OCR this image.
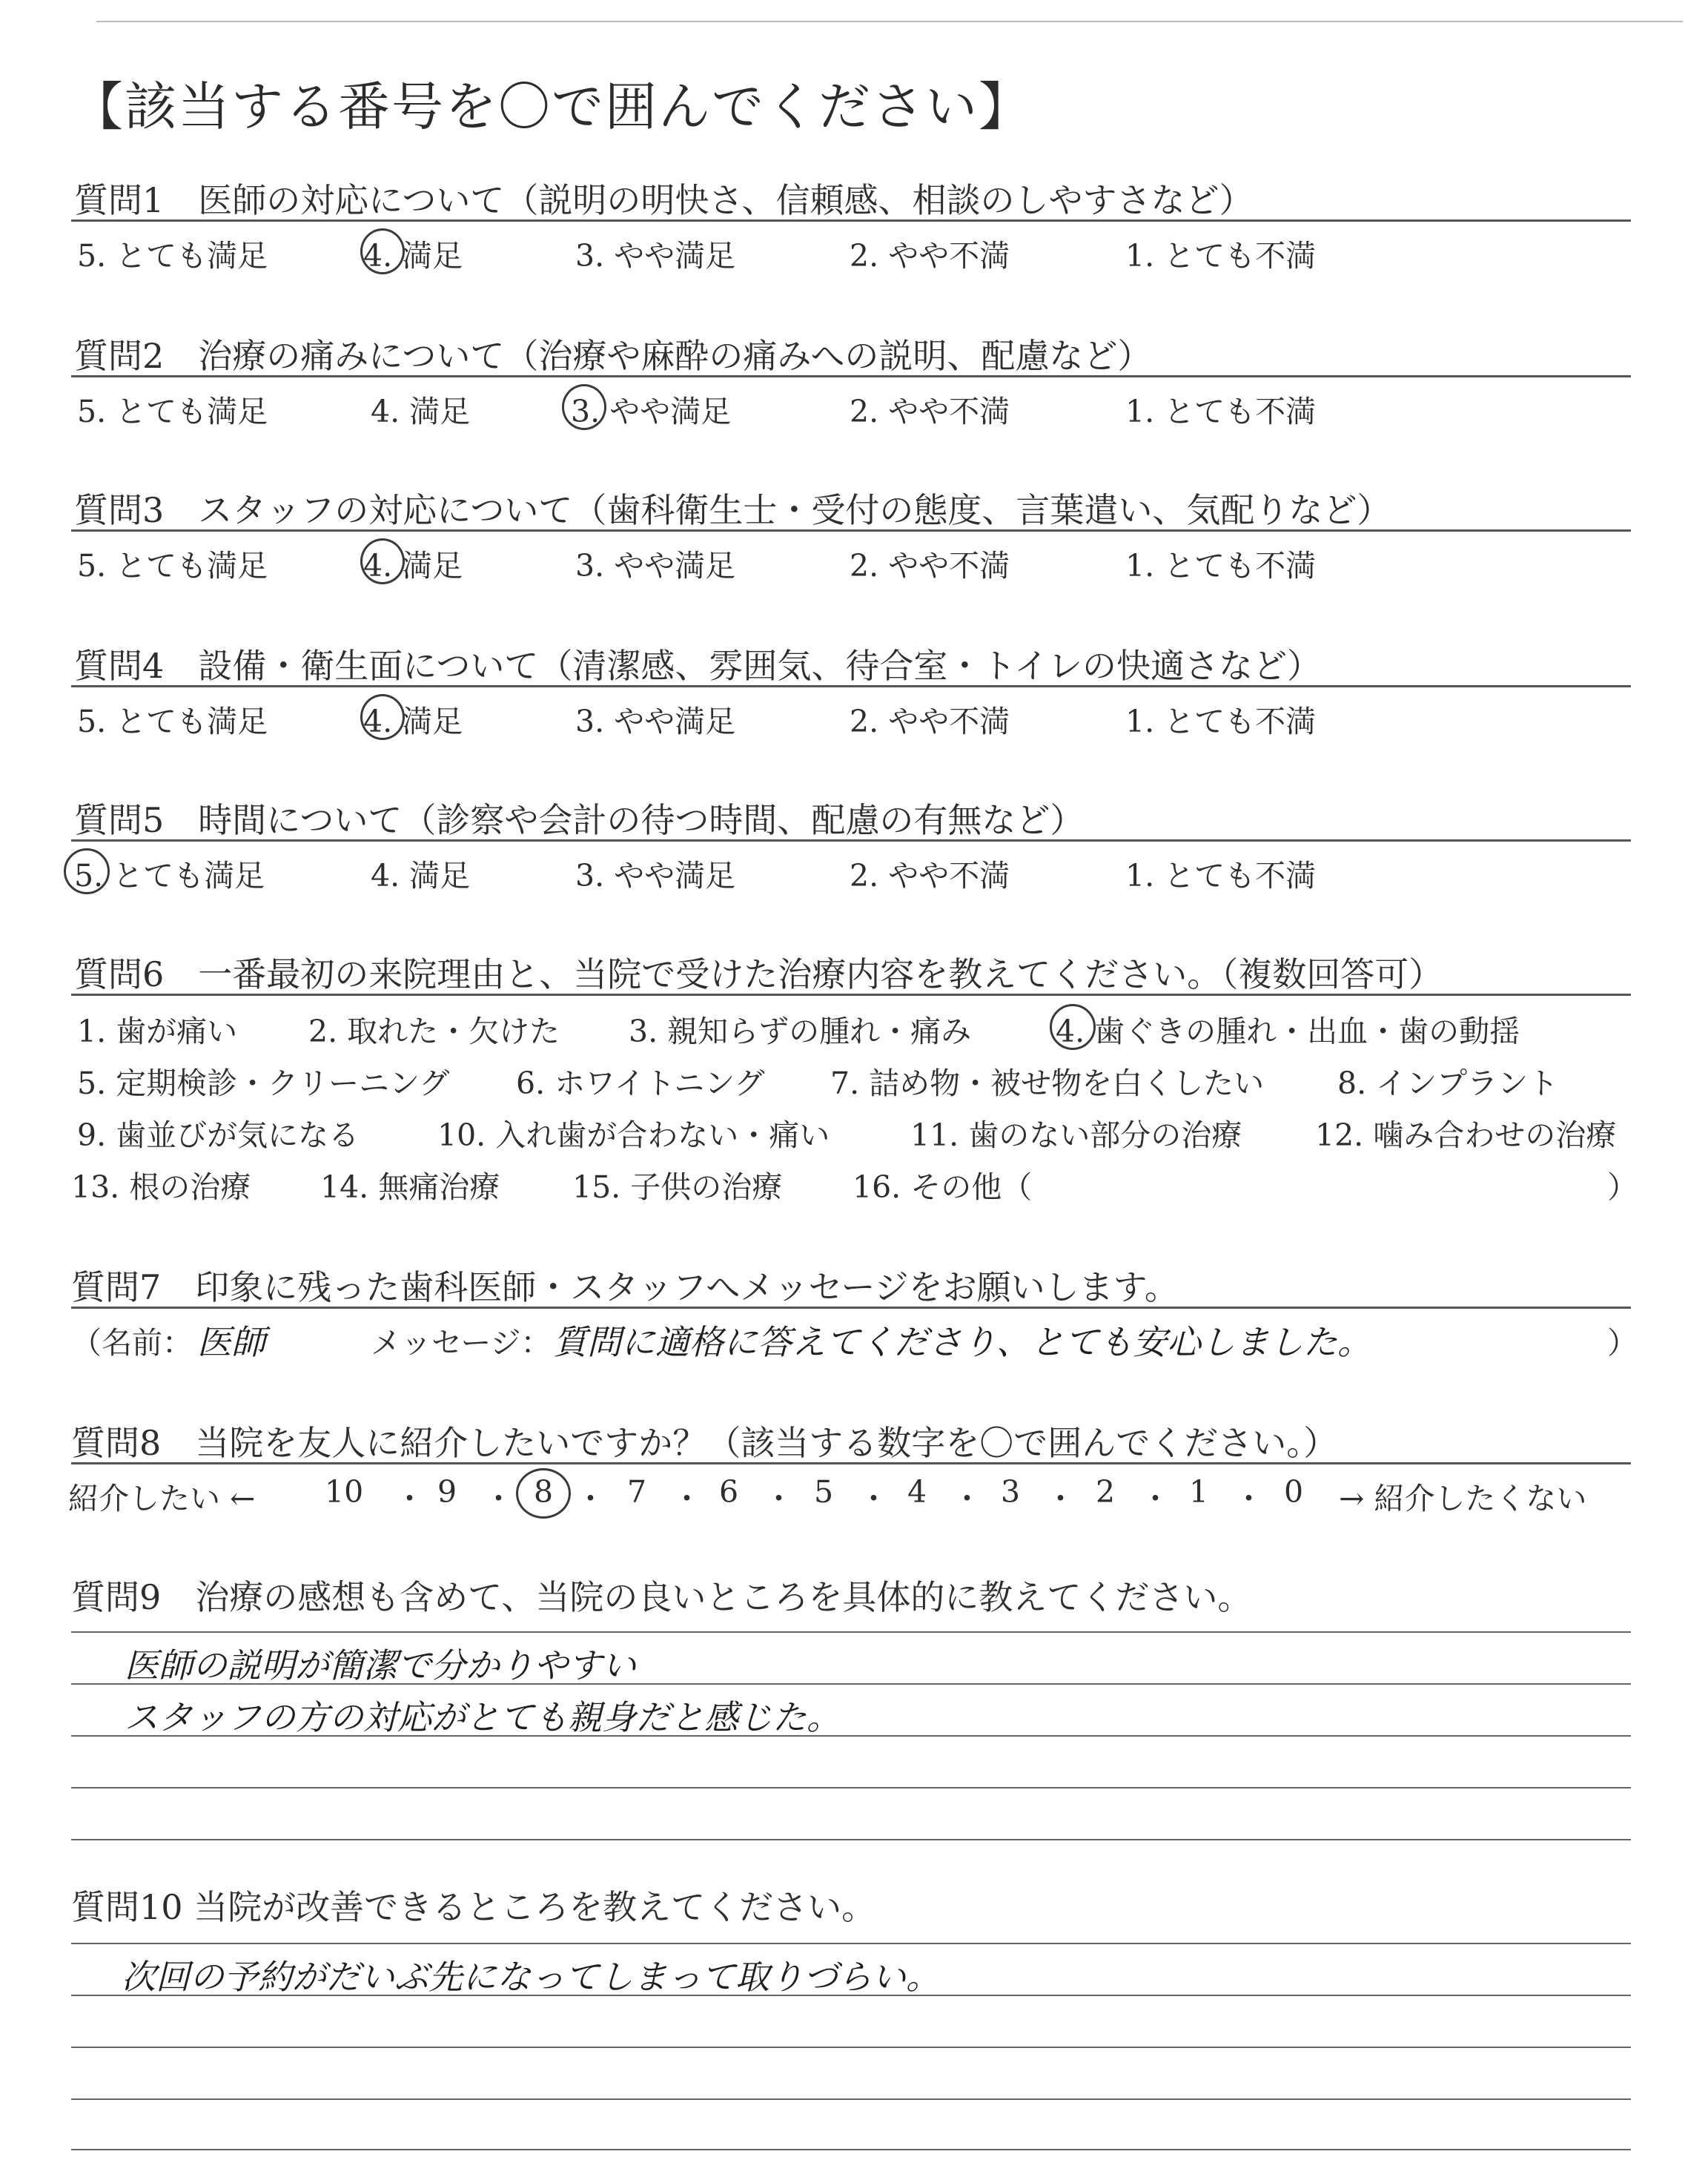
【該当する番号を〇で囲んでください】
質問1　医師の対応について（説明の明快さ、信頼感、相談のしやすさなど）
5. とても満足	4. 満足	3. やや満足	2. やや不満	1. とても不満
質問2　治療の痛みについて（治療や麻酔の痛みへの説明、配慮など）
5. とても満足	4. 満足	3. やや満足	2. やや不満	1. とても不満
質問3　スタッフの対応について（歯科衛生士・受付の態度、言葉遣い、気配りなど）
5. とても満足	4. 満足	3. やや満足	2. やや不満	1. とても不満
質問4　設備・衛生面について（清潔感、雰囲気、待合室・トイレの快適さなど）
5. とても満足	4. 満足	3. やや満足	2. やや不満	1. とても不満
質問5　時間について（診察や会計の待つ時間、配慮の有無など）
5. とても満足	4. 満足	3. やや満足	2. やや不満	1. とても不満
質問6　一番最初の来院理由と、当院で受けた治療内容を教えてください。（複数回答可）
1. 歯が痛い 2. 取れた・欠けた 3. 親知らずの腫れ・痛み	4. 歯ぐきの腫れ・出血・歯の動揺
5. 定期検診・クリーニング 6. ホワイトニング 7. 詰め物・被せ物を白くしたい 8. インプラント
9. 歯並びが気になる	10. 入れ歯が合わない・痛い	11. 歯のない部分の治療 12. 噛み合わせの治療
13. 根の治療 14. 無痛治療 15. 子供の治療 16. その他（	）
質問7　印象に残った歯科医師・スタッフへメッセージをお願いします。
（名前： 医師	メッセージ： 質問に適格に答えてくださり、とても安心しました。	）
質問8　当院を友人に紹介したいですか？（該当する数字を〇で囲んでください。）
紹介したい ←	→ 紹介したくない
10 ・ 9 ・ 8 ・ 7 ・ 6 ・ 5 ・ 4 ・ 3 ・ 2 ・ 1 ・ 0
質問9　治療の感想も含めて、当院の良いところを具体的に教えてください。
医師の説明が簡潔で分かりやすい
スタッフの方の対応がとても親身だと感じた。
質問10 当院が改善できるところを教えてください。
次回の予約がだいぶ先になってしまって取りづらい。
